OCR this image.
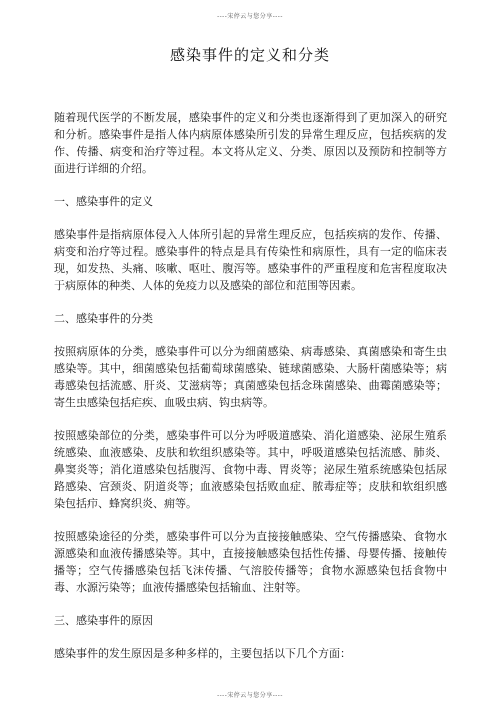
----宋停云与您分享----
感染事件的定义和分类

随着现代医学的不断发展，感染事件的定义和分类也逐渐得到了更加深入的研究和分析。感染事件是指人体内病原体感染所引发的异常生理反应，包括疾病的发作、传播、病变和治疗等过程。本文将从定义、分类、原因以及预防和控制等方面进行详细的介绍。

一、感染事件的定义

感染事件是指病原体侵入人体所引起的异常生理反应，包括疾病的发作、传播、病变和治疗等过程。感染事件的特点是具有传染性和病原性，具有一定的临床表现，如发热、头痛、咳嗽、呕吐、腹泻等。感染事件的严重程度和危害程度取决于病原体的种类、人体的免疫力以及感染的部位和范围等因素。

二、感染事件的分类

按照病原体的分类，感染事件可以分为细菌感染、病毒感染、真菌感染和寄生虫感染等。其中，细菌感染包括葡萄球菌感染、链球菌感染、大肠杆菌感染等；病毒感染包括流感、肝炎、艾滋病等；真菌感染包括念珠菌感染、曲霉菌感染等；寄生虫感染包括疟疾、血吸虫病、钩虫病等。

按照感染部位的分类，感染事件可以分为呼吸道感染、消化道感染、泌尿生殖系统感染、血液感染、皮肤和软组织感染等。其中，呼吸道感染包括流感、肺炎、鼻窦炎等；消化道感染包括腹泻、食物中毒、胃炎等；泌尿生殖系统感染包括尿路感染、宫颈炎、阴道炎等；血液感染包括败血症、脓毒症等；皮肤和软组织感染包括疖、蜂窝织炎、痈等。

按照感染途径的分类，感染事件可以分为直接接触感染、空气传播感染、食物水源感染和血液传播感染等。其中，直接接触感染包括性传播、母婴传播、接触传播等；空气传播感染包括飞沫传播、气溶胶传播等；食物水源感染包括食物中毒、水源污染等；血液传播感染包括输血、注射等。

三、感染事件的原因

感染事件的发生原因是多种多样的，主要包括以下几个方面：

----宋停云与您分享----
